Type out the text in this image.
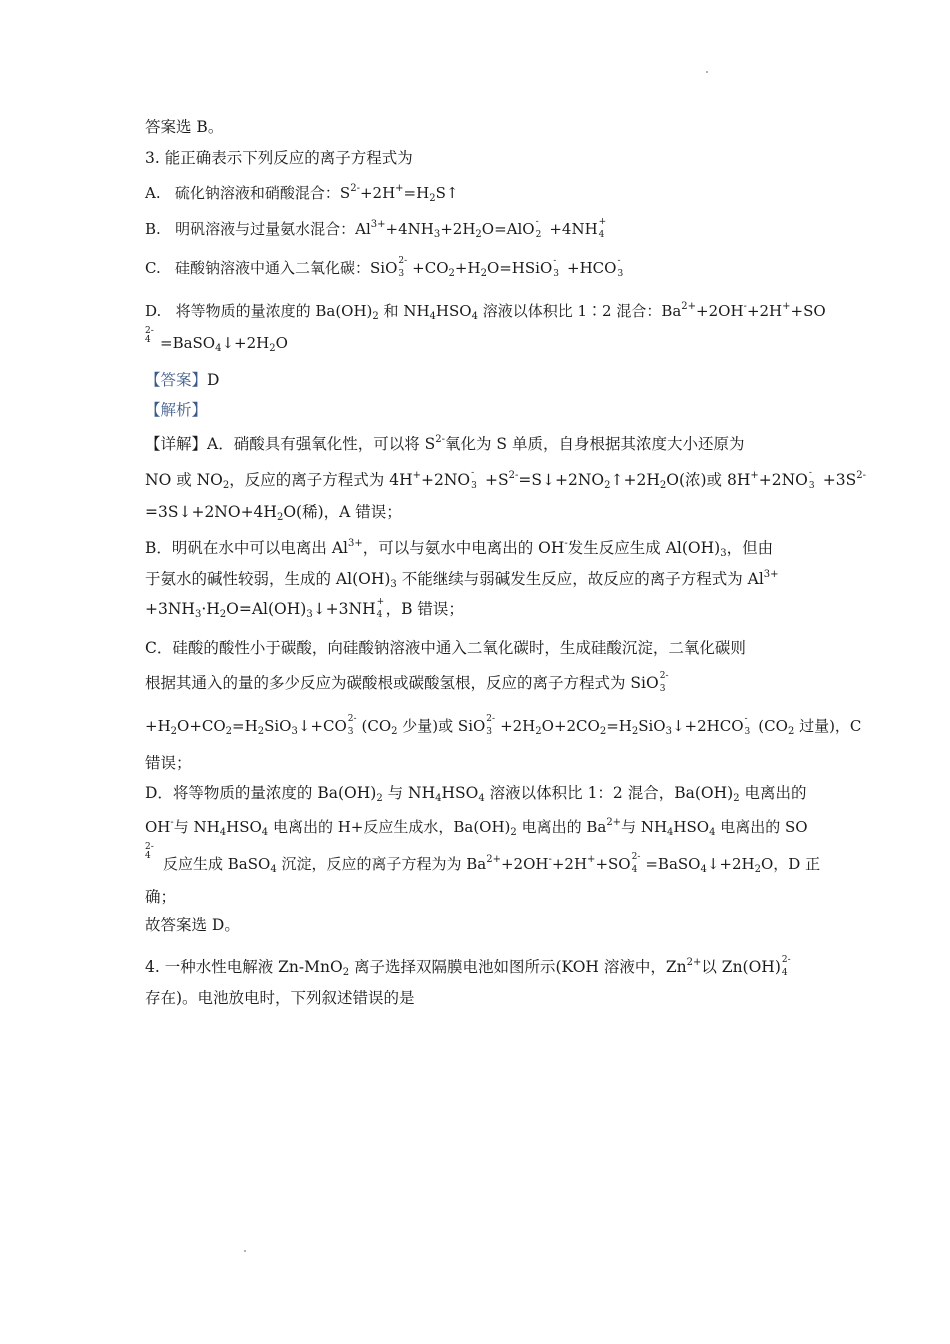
答案选 B。
3. 能正确表示下列反应的离子方程式为
A. 硫化钠溶液和硝酸混合：$S^{2-}+2H^+=H_2S↑$
B. 明矾溶液与过量氨水混合：$Al^{3+}+4NH_3+2H_2O=AlO$ -
2 +4NH +
4
C. 硅酸钠溶液中通入二氧化碳：SiO 2-
$3 +CO_2+H_2O=HSiO$ -
3 +HCO -
3
D. 将等物质的量浓度的 $Ba(OH)_2$ 和 $NH_4HSO_4$ 溶液以体积比 1∶2 混合：$Ba^{2+}+2OH^-+2H^++SO$
2-
$4 =BaSO_4↓+2H_2O$
【答案】D
【解析】
【详解】A．硝酸具有强氧化性，可以将 $S^{2-}$氧化为 S 单质，自身根据其浓度大小还原为
NO 或 $NO_2$，反应的离子方程式为 4H++2NO -
$3 +S^{2-}=S↓+2NO_2↑+2H_2O$(浓)或 8H++2NO -
$3 +3S^{2-}$
$=3S↓+2NO+4H_2O$(稀)，A 错误；
B．明矾在水中可以电离出 $Al^{3+}$，可以与氨水中电离出的 OH-发生反应生成 $Al(OH)_3$，但由
于氨水的碱性较弱，生成的 $Al(OH)_3$ 不能继续与弱碱发生反应，故反应的离子方程式为 $Al^{3+}$
$+3NH_3\cdot H_2O=Al(OH)_3↓+3NH$ +
4 ，B 错误；
C．硅酸的酸性小于碳酸，向硅酸钠溶液中通入二氧化碳时，生成硅酸沉淀，二氧化碳则
根据其通入的量的多少反应为碳酸根或碳酸氢根，反应的离子方程式为 SiO 2-
3
$+H_2O+CO_2=H_2SiO_3↓+CO$ 2-
3 ($CO_2$ 少量)或 SiO 2-
$3 +2H_2O+2CO_2=H_2SiO_3↓+2HCO$ -
3 ($CO_2$ 过量)，C
错误；
D．将等物质的量浓度的 $Ba(OH)_2$ 与 $NH_4HSO_4$ 溶液以体积比 1：2 混合，$Ba(OH)_2$ 电离出的
OH-与 $NH_4HSO_4$ 电离出的 H+反应生成水，$Ba(OH)_2$ 电离出的 $Ba^{2+}$与 $NH_4HSO_4$ 电离出的 SO
2-
4 反应生成 BaSO$_4$ 沉淀，反应的离子方程为为 $Ba^{2+}+2OH^-+2H^++SO$ 2-
$4 =BaSO_4↓+2H_2O$，D 正
确；
故答案选 D。
4. 一种水性电解液 Zn-MnO$_2$ 离子选择双隔膜电池如图所示(KOH 溶液中，$Zn^{2+}$以 Zn(OH) 2-
4
存在)。电池放电时，下列叙述错误的是
